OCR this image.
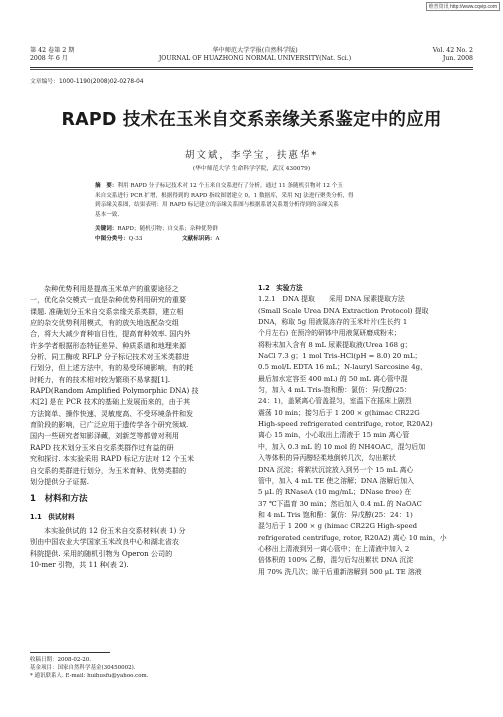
维普资讯 http://www.cqvip.com
第 42 卷第 2 期
2008 年 6 月
华中师范大学学报(自然科学版)
JOURNAL OF HUAZHONG NORMAL UNIVERSITY(Nat. Sci.)
Vol. 42 No. 2
Jun. 2008
文章编号：1000-1190(2008)02-0278-04
RAPD 技术在玉米自交系亲缘关系鉴定中的应用
胡文斌，李学宝，扶惠华*
(华中师范大学 生命科学学院，武汉 430079)
摘　要：利用 RAPD 分子标记技术对 12 个玉米自交系进行了分析，通过 11 条随机引物对 12 个玉
米自交系进行 PCR 扩增，根据得到的 RAPD 指纹图谱建立 0，1 数据库，采用 NJ 法进行聚类分析，得
到亲缘关系图，结果表明：用 RAPD 标记建立的亲缘关系图与根据系谱关系划分析得到的亲缘关系
基本一致.
关键词：RAPD；随机引物；自交系；杂种优势群
中图分类号：Q-33	文献标识码：A

杂种优势利用是提高玉米单产的重要途径之

一，优化杂交模式一直是杂种优势利用研究的重要
课题. 准确划分玉米自交系亲缘关系类群，建立相
应的杂交优势利用模式，有的放矢地选配杂交组
合，将大大减少育种盲目性，提高育种效率. 国内外
许多学者根据形态特征差异、种质系谱和地理来源
分析、同工酶或 RFLP 分子标记技术对玉米类群进
行划分，但上述方法中，有的易受环境影响，有的耗
时耗力，有的技术相对较为繁琐不易掌握[1].
RAPD(Random Amplified Polymorphic DNA) 技
术[2] 是在 PCR 技术的基础上发展而来的，由于其
方法简单、操作快速、灵敏度高、不受环境条件和发
育阶段的影响，已广泛应用于遗传学各个研究领域.
国内一些研究者知影泽藏，刘新芝等都曾对利用
RAPD 技术划分玉米自交系类群作过有益的研
究和探讨. 本实验采用 RAPD 标记方法对 12 个玉米
自交系的类群进行划分，为玉米育种、优势类群的
划分提供分子证据.
1　材料和方法
1.1　供试材料

本实验供试的 12 份玉米自交系材料(表 1) 分

别由中国农业大学国家玉米改良中心和湖北省农
科院提供. 采用的随机引物为 Operon 公司的
10-mer 引物，共 11 种(表 2).
1.2　实验方法
1.2.1　DNA 提取　　采用 DNA 尿素提取方法
(Small Scale Urea DNA Extraction Protocol) 提取
DNA，称取 5g 用液氮冻存的玉米叶片(生长约 1
个月左右) 在预冷的研钵中用液氮研磨成粉末；
将粉末加入含有 8 mL 尿素提取液(Urea 168 g；
NaCl 7.3 g；1 mol Tris-HCl(pH = 8.0) 20 mL；
0.5 mol/L EDTA 16 mL；N-lauryl Sarcosine 4g，
最后加水定容至 400 mL) 的 50 mL 离心管中混
匀，加入 4 mL Tris-饱和酚：氯仿：异戊醇(25：
24：1)，盖紧离心管盖混匀，室温下在摇床上剧烈
震荡 10 min；接匀后于 1 200 × g(himac CR22G
High-speed refrigerated centrifuge, rotor, R20A2)
离心 15 min，小心取出上清液于 15 min 离心管
中，加入 0.3 mL 的 10 mol 的 NH4OAC，混匀后加
入等体积的异丙醇轻柔地倒转几次，勾出絮状
DNA 沉淀；将絮状沉淀放入到另一个 15 mL 离心
管中，加入 4 mL TE 使之溶解；DNA 溶解后加入
5 μL 的 RNaseA (10 mg/mL；DNase free) 在
37 ℃下温育 30 min；然后加入 0.4 mL 的 NaOAC
和 4 mL Tris 饱和酚：氯仿：异戊醇(25：24：1)
混匀后于 1 200 × g (himac CR22G High-speed
refrigerated centrifuge, rotor, R20A2) 离心 10 min，小
心移出上清液到另一离心管中；在上清液中加入 2
倍体积的 100% 乙醇，混匀后勾出絮状 DNA 沉淀
用 70% 洗几次；晾干后重新溶解到 500 μL TE 溶液
收稿日期：2008-02-20.
基金项目：国家自然科学基金(30450002).
* 通讯联系人. E-mail: huihusfu@yahoo.com.
